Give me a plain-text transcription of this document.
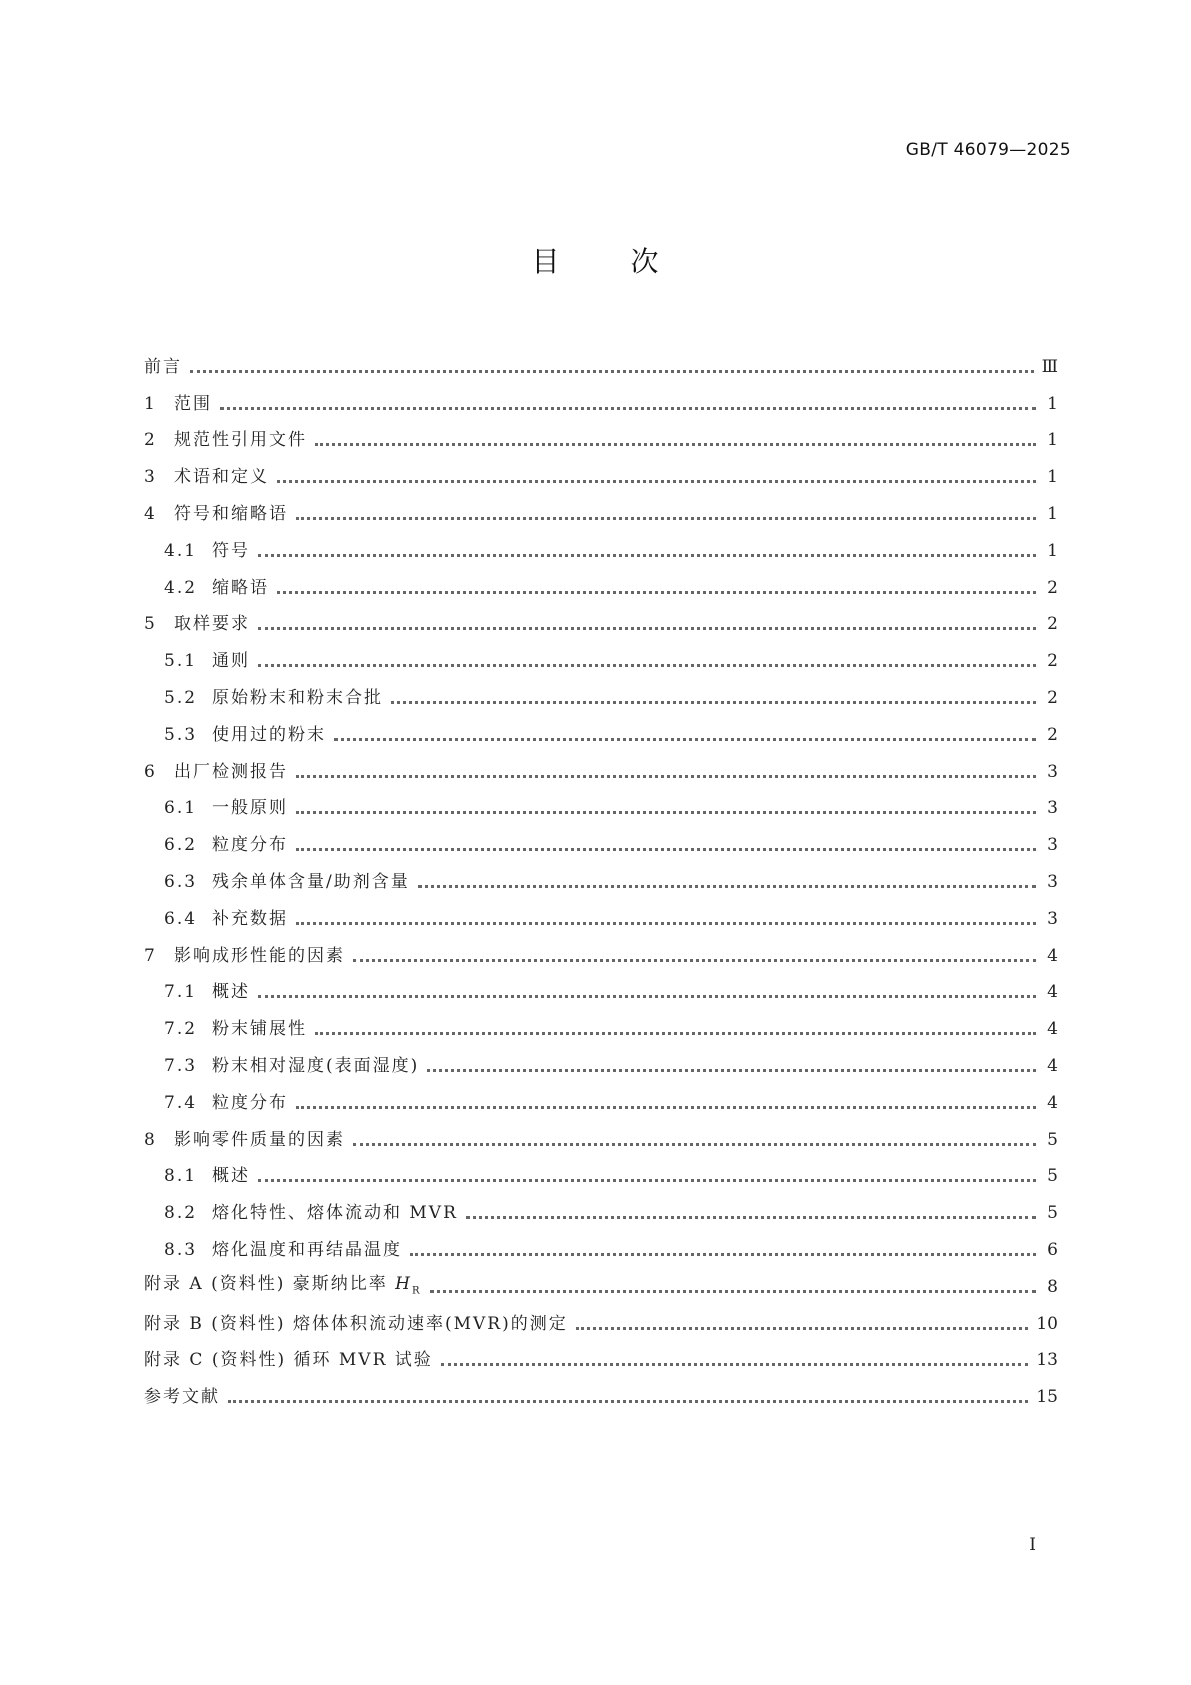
GB/T 46079—2025
目	次
前言	Ⅲ
1	范围	1
2	规范性引用文件	1
3	术语和定义	1
4	符号和缩略语	1
4.1 符号	1
4.2 缩略语	2
5	取样要求	2
5.1 通则	2
5.2 原始粉末和粉末合批	2
5.3 使用过的粉末	2
6	出厂检测报告	3
6.1 一般原则	3
6.2 粒度分布	3
6.3 残余单体含量/助剂含量	3
6.4 补充数据	3
7	影响成形性能的因素	4
7.1 概述	4
7.2 粉末铺展性	4
7.3 粉末相对湿度(表面湿度)	4
7.4 粒度分布	4
8	影响零件质量的因素	5
8.1 概述	5
8.2 熔化特性、熔体流动和 MVR	5
8.3 熔化温度和再结晶温度	6
附录 A (资料性) 豪斯纳比率 $H_R$	8
附录 B (资料性) 熔体体积流动速率(MVR)的测定	10
附录 C (资料性) 循环 MVR 试验	13
参考文献	15
I
